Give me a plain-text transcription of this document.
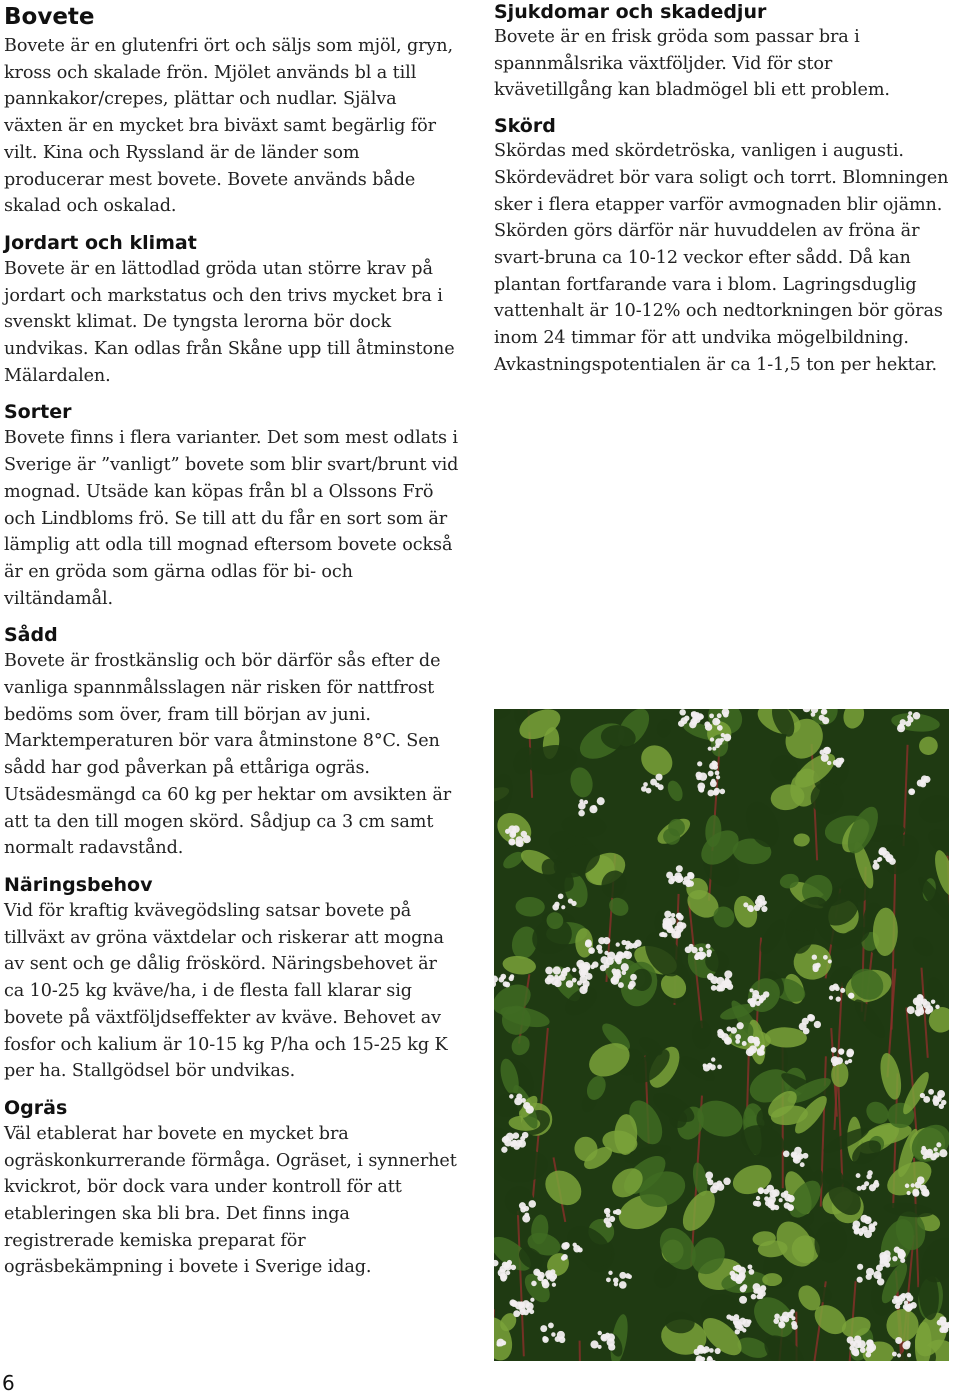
Bovete

Bovete är en glutenfri ört och säljs som mjöl, gryn, kross och skalade frön. Mjölet används bl a till pannkakor/crepes, plättar och nudlar. Själva växten är en mycket bra biväxt samt begärlig för vilt. Kina och Ryssland är de länder som producerar mest bovete. Bovete används både skalad och oskalad.

Jordart och klimat

Bovete är en lättodlad gröda utan större krav på jordart och markstatus och den trivs mycket bra i svenskt klimat. De tyngsta lerorna bör dock undvikas. Kan odlas från Skåne upp till åtminstone Mälardalen.

Sorter

Bovete finns i flera varianter. Det som mest odlats i Sverige är ”vanligt” bovete som blir svart/brunt vid mognad. Utsäde kan köpas från bl a Olssons Frö och Lindbloms frö. Se till att du får en sort som är lämplig att odla till mognad eftersom bovete också är en gröda som gärna odlas för bi- och viltändamål.

Sådd

Bovete är frostkänslig och bör därför sås efter de vanliga spannmålsslagen när risken för nattfrost bedöms som över, fram till början av juni. Marktemperaturen bör vara åtminstone 8°C. Sen sådd har god påverkan på ettåriga ogräs. Utsädesmängd ca 60 kg per hektar om avsikten är att ta den till mogen skörd. Sådjup ca 3 cm samt normalt radavstånd.

Näringsbehov

Vid för kraftig kvävegödsling satsar bovete på tillväxt av gröna växtdelar och riskerar att mogna av sent och ge dålig fröskörd. Näringsbehovet är ca 10-25 kg kväve/ha, i de flesta fall klarar sig bovete på växtföljdseffekter av kväve. Behovet av fosfor och kalium är 10-15 kg P/ha och 15-25 kg K per ha. Stallgödsel bör undvikas.

Ogräs

Väl etablerat har bovete en mycket bra ogräskonkurrerande förmåga. Ogräset, i synnerhet kvickrot, bör dock vara under kontroll för att etableringen ska bli bra. Det finns inga registrerade kemiska preparat för ogräsbekämpning i bovete i Sverige idag.

Sjukdomar och skadedjur

Bovete är en frisk gröda som passar bra i spannmålsrika växtföljder. Vid för stor kvävetillgång kan bladmögel bli ett problem.

Skörd

Skördas med skördetröska, vanligen i augusti. Skördevädret bör vara soligt och torrt. Blomningen sker i flera etapper varför avmognaden blir ojämn. Skörden görs därför när huvuddelen av fröna är svart-bruna ca 10-12 veckor efter sådd. Då kan plantan fortfarande vara i blom. Lagringsduglig vattenhalt är 10-12% och nedtorkningen bör göras inom 24 timmar för att undvika mögelbildning. Avkastningspotentialen är ca 1-1,5 ton per hektar.

6
